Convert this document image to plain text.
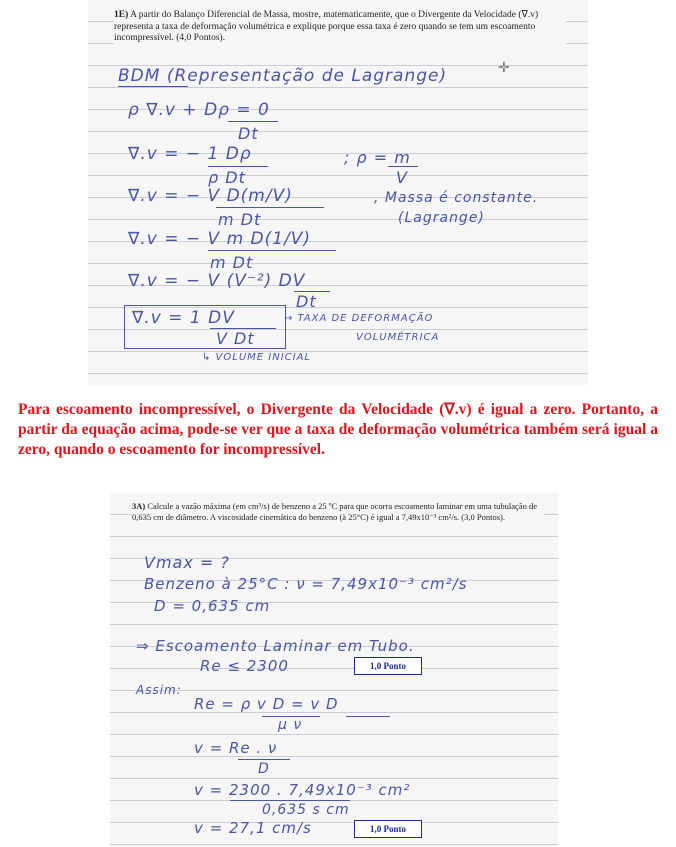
1E) A partir do Balanço Diferencial de Massa, mostre, matematicamente, que o Divergente da Velocidade (∇.v) representa a taxa de deformação volumétrica e explique porque essa taxa é zero quando se tem um escoamento incompressível. (4,0 Pontos).
BDM (Representação de Lagrange)	✛
ρ ∇.v + Dρ = 0
Dt
∇.v = − 1 Dρ
ρ Dt
; ρ = m
V
∇.v = − V D(m/V)
m Dt
, Massa é constante.
(Lagrange)
∇.v = − V m D(1/V)
m Dt
∇.v = − V (V⁻²) DV
Dt
∇.v = 1 DV
V Dt
→ TAXA DE DEFORMAÇÃO
VOLUMÉTRICA
↳ VOLUME INICIAL
Para escoamento incompressível, o Divergente da Velocidade (∇.v) é igual a zero. Portanto, a partir da equação acima, pode-se ver que a taxa de deformação volumétrica também será igual a zero, quando o escoamento for incompressível.
3A) Calcule a vazão máxima (em cm³/s) de benzeno a 25 ºC para que ocorra escoamento laminar em uma tubulação de 0,635 cm de diâmetro. A viscosidade cinemática do benzeno (à 25°C) é igual a 7,49x10⁻³ cm²/s. (3,0 Pontos).
Vmax = ?
Benzeno à 25°C : ν = 7,49x10⁻³ cm²/s
D = 0,635 cm
⇒ Escoamento Laminar em Tubo.
Re ≤ 2300	1,0 Ponto
Assim:
Re = ρ v D = v D
μ ν
v = Re . ν
D
v = 2300 . 7,49x10⁻³ cm²
0,635 s cm
v = 27,1 cm/s	1,0 Ponto
